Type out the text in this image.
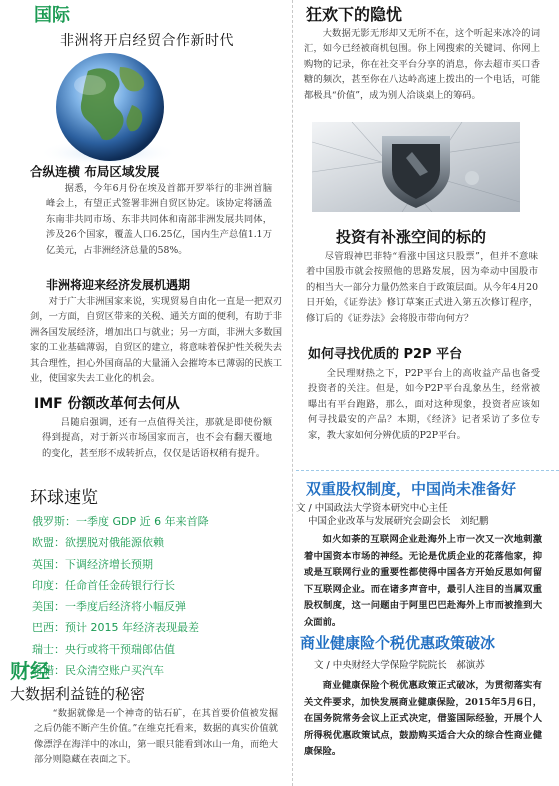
国际
非洲将开启经贸合作新时代
合纵连横 布局区域发展
据悉，今年6月份在埃及首都开罗举行的非洲首脑峰会上，有望正式签署非洲自贸区协定。该协定将涵盖东南非共同市场、东非共同体和南部非洲发展共同体，涉及26个国家，覆盖人口6.25亿，国内生产总值1.1万亿美元，占非洲经济总量的58%。
非洲将迎来经济发展机遇期
对于广大非洲国家来说，实现贸易自由化一直是一把双刃剑，一方面，自贸区带来的关税、通关方面的便利，有助于非洲各国发展经济，增加出口与就业；另一方面，非洲大多数国家的工业基础薄弱，自贸区的建立，将意味着保护性关税失去其合理性，担心外国商品的大量涌入会摧垮本已薄弱的民族工业，使国家失去工业化的机会。
IMF 份额改革何去何从
吕随启强调，还有一点值得关注，那就是即使份额得到提高，对于新兴市场国家而言，也不会有翻天覆地的变化，甚至形不成转折点，仅仅是话语权稍有提升。
环球速览
俄罗斯：一季度 GDP 近 6 年来首降
欧盟：欲摆脱对俄能源依赖
英国：下调经济增长预期
印度：任命首任金砖银行行长
美国：一季度后经济将小幅反弹
巴西：预计 2015 年经济表现最差
瑞士：央行或将干预瑞郎估值
希腊：民众清空账户买汽车
财经
大数据利益链的秘密
“数据就像是一个神奇的钻石矿，在其首要价值被发掘之后仍能不断产生价值。”在维克托看来，数据的真实价值就像漂浮在海洋中的冰山，第一眼只能看到冰山一角，而绝大部分则隐藏在表面之下。
狂欢下的隐忧
大数据无影无形却又无所不在，这个听起来冰冷的词汇，如今已经被商机包围。你上网搜索的关键词、你网上购物的记录，你在社交平台分享的消息，你去超市买口香糖的频次，甚至你在八达岭高速上拨出的一个电话，可能都极具“价值”，成为别人洽谈桌上的筹码。
投资有补涨空间的标的
尽管瑕神巴菲特“看涨中国这只股票”，但并不意味着中国股市就会按照他的思路发展，因为牵动中国股市的相当大一部分力量仍然来自于政策层面。从今年4月20日开始，《证券法》修订草案正式进入第五次修订程序，修订后的《证券法》会将股市带向何方？
如何寻找优质的 P2P 平台
全民理财热之下，P2P平台上的高收益产品也备受投资者的关注。但是，如今P2P平台乱象丛生，经常被曝出有平台跑路，那么，面对这种现象，投资者应该如何寻找最安的产品？本期，《经济》记者采访了多位专家，教大家如何分辨优质的P2P平台。
双重股权制度，中国尚未准备好
文 / 中国政法大学资本研究中心主任
中国企业改革与发展研究会副会长　刘纪鹏
如火如荼的互联网企业赴海外上市一次又一次地刺激着中国资本市场的神经。无论是优质企业的花落他家，抑或是互联网行业的重要性都使得中国各方开始反思如何留下互联网企业。而在诸多声音中，最引人注目的当属双重股权制度，这一问题由于阿里巴巴赴海外上市而被推到大众面前。
商业健康险个税优惠政策破冰
文 / 中央财经大学保险学院院长　郝演苏
商业健康保险个税优惠政策正式破冰，为贯彻落实有关文件要求，加快发展商业健康保险，2015年5月6日，在国务院常务会议上正式决定，借鉴国际经验，开展个人所得税优惠政策试点，鼓励购买适合大众的综合性商业健康保险。
